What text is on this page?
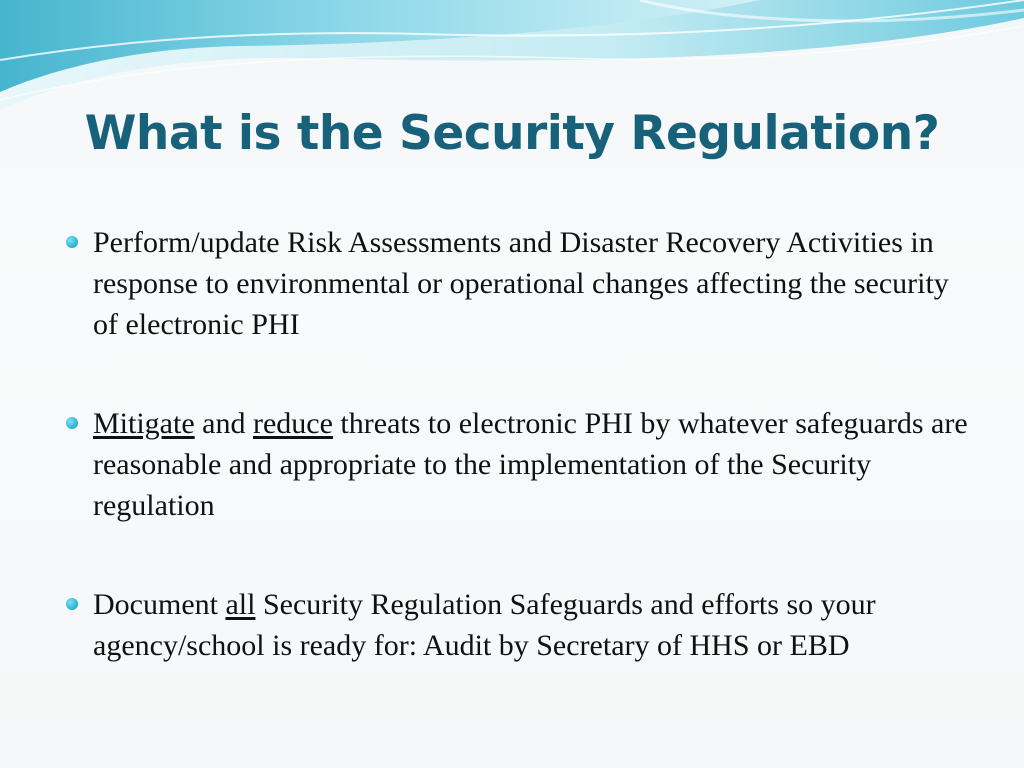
What is the Security Regulation?
Perform/update Risk Assessments and Disaster Recovery Activities in response to environmental or operational changes affecting the security of electronic PHI
Mitigate and reduce threats to electronic PHI by whatever safeguards are reasonable and appropriate to the implementation of the Security regulation
Document all Security Regulation Safeguards and efforts so your agency/school is ready for: Audit by Secretary of HHS or EBD
